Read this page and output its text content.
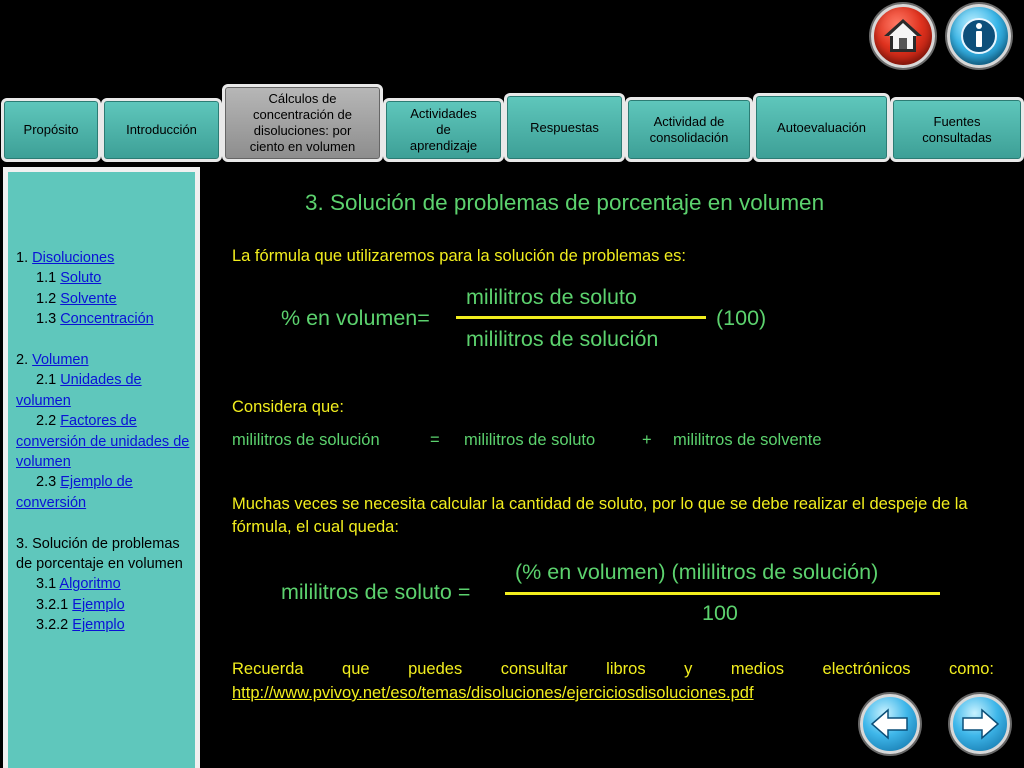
Propósito	Introducción
Cálculos de concentración de disoluciones: por ciento en volumen
Actividades de aprendizaje
Respuestas	Actividad de consolidación
Autoevaluación	Fuentes consultadas
1. Disoluciones
1.1 Soluto
1.2 Solvente
1.3 Concentración
2. Volumen
2.1 Unidades de volumen
2.2 Factores de conversión de unidades de volumen
2.3 Ejemplo de conversión
3. Solución de problemas de porcentaje en volumen
3.1 Algoritmo
3.2.1 Ejemplo
3.2.2 Ejemplo
3. Solución de problemas de porcentaje en volumen
La fórmula que utilizaremos para la solución de problemas es:
% en volumen=
mililitros de soluto
mililitros de solución
(100)
Considera que:
mililitros de solución	= mililitros de soluto	+ mililitros de solvente
Muchas veces se necesita calcular la cantidad de soluto, por lo que se debe realizar el despeje de la fórmula, el cual queda:
mililitros de soluto =
(% en volumen) (mililitros de solución)
100
Recuerda que puedes consultar libros y medios electrónicos como:
http://www.pvivoy.net/eso/temas/disoluciones/ejerciciosdisoluciones.pdf
